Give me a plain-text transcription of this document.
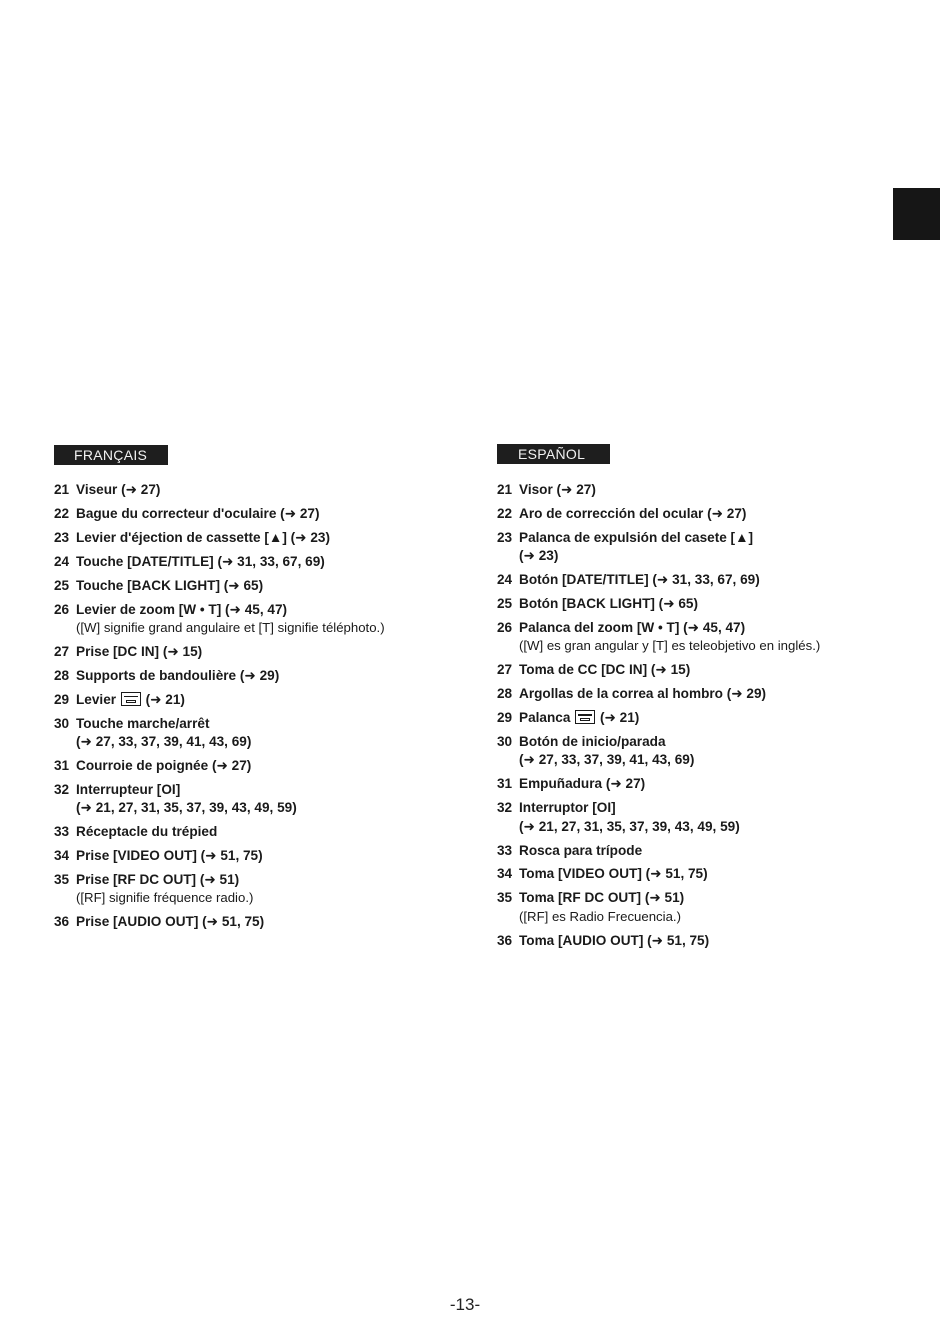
FRANÇAIS
21 Viseur (➜ 27)
22 Bague du correcteur d'oculaire (➜ 27)
23 Levier d'éjection de cassette [▲] (➜ 23)
24 Touche [DATE/TITLE] (➜ 31, 33, 67, 69)
25 Touche [BACK LIGHT] (➜ 65)
26 Levier de zoom [W • T] (➜ 45, 47)
([W] signifie grand angulaire et [T] signifie téléphoto.)
27 Prise [DC IN] (➜ 15)
28 Supports de bandoulière (➜ 29)
29 Levier  (➜ 21)
30 Touche marche/arrêt
(➜ 27, 33, 37, 39, 41, 43, 69)
31 Courroie de poignée (➜ 27)
32 Interrupteur [OI]
(➜ 21, 27, 31, 35, 37, 39, 43, 49, 59)
33 Réceptacle du trépied
34 Prise [VIDEO OUT] (➜ 51, 75)
35 Prise [RF DC OUT] (➜ 51)
([RF] signifie fréquence radio.)
36 Prise [AUDIO OUT] (➜ 51, 75)
ESPAÑOL
21 Visor (➜ 27)
22 Aro de corrección del ocular (➜ 27)
23 Palanca de expulsión del casete [▲]
(➜ 23)
24 Botón [DATE/TITLE] (➜ 31, 33, 67, 69)
25 Botón [BACK LIGHT] (➜ 65)
26 Palanca del zoom [W • T] (➜ 45, 47)
([W] es gran angular y [T] es teleobjetivo en inglés.)
27 Toma de CC [DC IN] (➜ 15)
28 Argollas de la correa al hombro (➜ 29)
29 Palanca  (➜ 21)
30 Botón de inicio/parada
(➜ 27, 33, 37, 39, 41, 43, 69)
31 Empuñadura (➜ 27)
32 Interruptor [OI]
(➜ 21, 27, 31, 35, 37, 39, 43, 49, 59)
33 Rosca para trípode
34 Toma [VIDEO OUT] (➜ 51, 75)
35 Toma [RF DC OUT] (➜ 51)
([RF] es Radio Frecuencia.)
36 Toma [AUDIO OUT] (➜ 51, 75)
-13-
